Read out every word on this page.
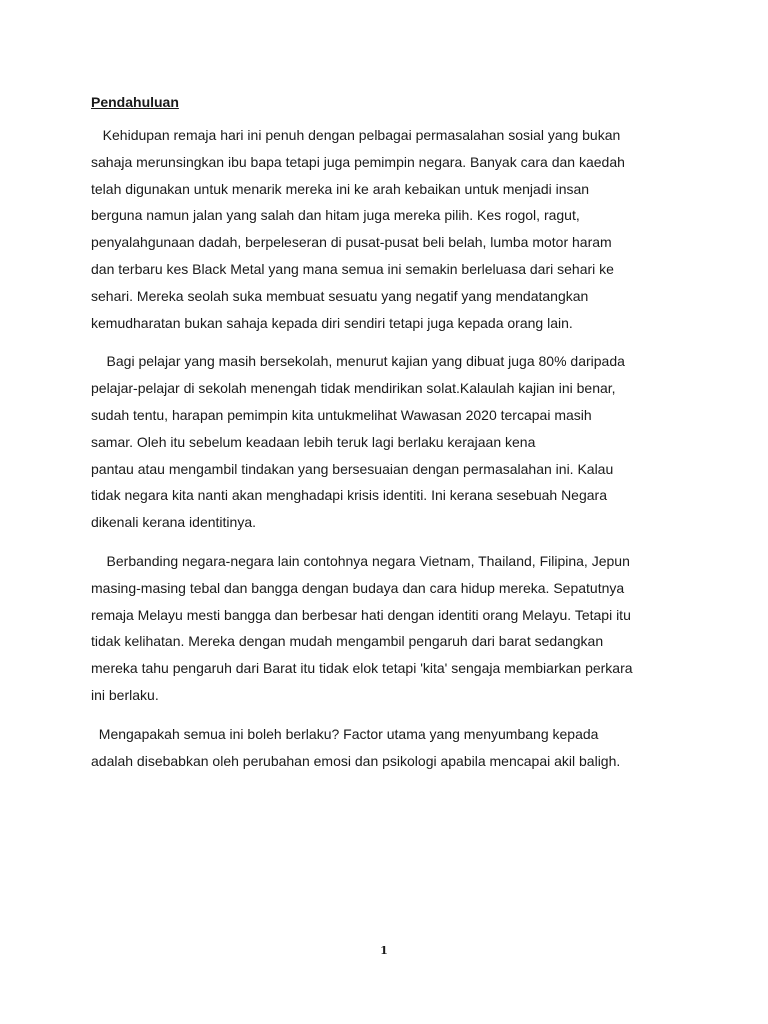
Pendahuluan
Kehidupan remaja hari ini penuh dengan pelbagai permasalahan sosial yang bukan
sahaja merunsingkan ibu bapa tetapi juga pemimpin negara. Banyak cara dan kaedah
telah digunakan untuk menarik mereka ini ke arah kebaikan untuk menjadi insan
berguna namun jalan yang salah dan hitam juga mereka pilih. Kes rogol, ragut,
penyalahgunaan dadah, berpeleseran di pusat-pusat beli belah, lumba motor haram
dan terbaru kes Black Metal yang mana semua ini semakin berleluasa dari sehari ke
sehari. Mereka seolah suka membuat sesuatu yang negatif yang mendatangkan
kemudharatan bukan sahaja kepada diri sendiri tetapi juga kepada orang lain.
Bagi pelajar yang masih bersekolah, menurut kajian yang dibuat juga 80% daripada
pelajar-pelajar di sekolah menengah tidak mendirikan solat.Kalaulah kajian ini benar,
sudah tentu, harapan pemimpin kita untukmelihat Wawasan 2020 tercapai masih
samar. Oleh itu sebelum keadaan lebih teruk lagi berlaku kerajaan kena
pantau atau mengambil tindakan yang bersesuaian dengan permasalahan ini. Kalau
tidak negara kita nanti akan menghadapi krisis identiti. Ini kerana sesebuah Negara
dikenali kerana identitinya.
Berbanding negara-negara lain contohnya negara Vietnam, Thailand, Filipina, Jepun
masing-masing tebal dan bangga dengan budaya dan cara hidup mereka. Sepatutnya
remaja Melayu mesti bangga dan berbesar hati dengan identiti orang Melayu. Tetapi itu
tidak kelihatan. Mereka dengan mudah mengambil pengaruh dari barat sedangkan
mereka tahu pengaruh dari Barat itu tidak elok tetapi 'kita' sengaja membiarkan perkara
ini berlaku.
Mengapakah semua ini boleh berlaku? Factor utama yang menyumbang kepada
adalah disebabkan oleh perubahan emosi dan psikologi apabila mencapai akil baligh.
1
